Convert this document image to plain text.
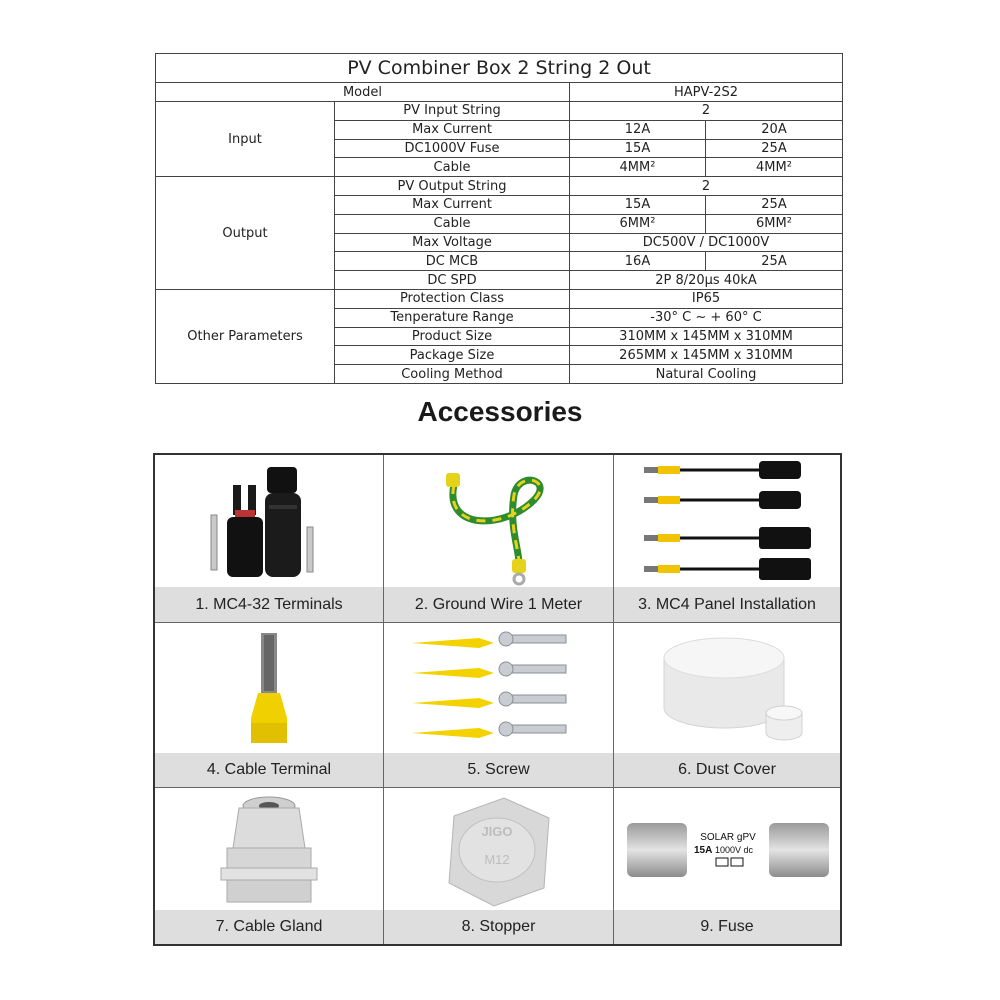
PV Combiner Box 2 String 2 Out			
Model		HAPV-2S2	
Input	PV Input String	2	
	Max Current	12A	20A
	DC1000V Fuse	15A	25A
	Cable	4MM²	4MM²
Output	PV Output String	2	
	Max Current	15A	25A
	Cable	6MM²	6MM²
	Max Voltage	DC500V / DC1000V	
	DC MCB	16A	25A
	DC SPD	2P 8/20μs 40kA	
Other Parameters	Protection Class	IP65	
	Tenperature Range	-30° C ~ + 60° C	
	Product Size	310MM x 145MM x 310MM	
	Package Size	265MM x 145MM x 310MM	
	Cooling Method	Natural Cooling	
Accessories
1. MC4-32 Terminals	2. Ground Wire 1 Meter	3. MC4 Panel Installation
4. Cable Terminal	5. Screw	6. Dust Cover
7. Cable Gland
JIGO
M12
8. Stopper
SOLAR gPV
15A 1000V dc
9. Fuse
